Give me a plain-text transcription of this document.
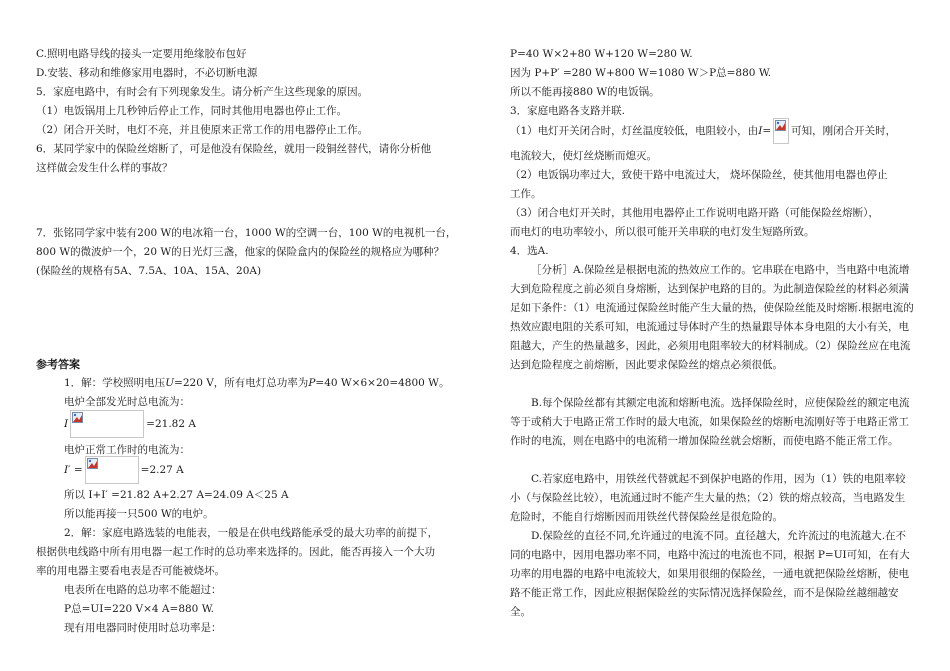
C.照明电路导线的接头一定要用绝缘胶布包好
D.安装、移动和维修家用电器时，不必切断电源
5．家庭电路中，有时会有下列现象发生。请分析产生这些现象的原因。
（1）电饭锅用上几秒钟后停止工作，同时其他用电器也停止工作。
（2）闭合开关时，电灯不亮，并且使原来正常工作的用电器停止工作。
6．某同学家中的保险丝熔断了，可是他没有保险丝，就用一段铜丝替代，请你分析他
这样做会发生什么样的事故？
7．张铭同学家中装有200 W的电冰箱一台，1000 W的空调一台，100 W的电视机一台，
800 W的微波炉一个，20 W的日光灯三盏，他家的保险盒内的保险丝的规格应为哪种？
(保险丝的规格有5A、7.5A、10A、15A、20A)
参考答案
1．解：学校照明电压U=220 V，所有电灯总功率为P=40 W×6×20=4800 W。
电炉全部发光时总电流为：
I	=21.82 A
电炉正常工作时的电流为：
I′ =	=2.27 A
所以 I+I′ =21.82 A+2.27 A=24.09 A＜25 A
所以能再接一只500 W的电炉。
2．解：家庭电路选装的电能表，一般是在供电线路能承受的最大功率的前提下，
根据供电线路中所有用电器一起工作时的总功率来选择的。因此，能否再接入一个大功
率的用电器主要看电表是否可能被烧坏。
电表所在电路的总功率不能超过：
P总=UI=220 V×4 A=880 W.
现有用电器同时使用时总功率是：
P=40 W×2+80 W+120 W=280 W.
因为 P+P′ =280 W+800 W=1080 W＞P总=880 W.
所以不能再接880 W的电饭锅。
3．家庭电路各支路并联.
（1）电灯开关闭合时，灯丝温度较低，电阻较小，由I= 可知，刚闭合开关时，
电流较大，使灯丝烧断而熄灭。
（2）电饭锅功率过大，致使干路中电流过大， 烧坏保险丝，使其他用电器也停止
工作。
（3）闭合电灯开关时，其他用电器停止工作说明电路开路（可能保险丝熔断），
而电灯的电功率较小，所以很可能开关串联的电灯发生短路所致。
4．选A.
［分析］A.保险丝是根据电流的热效应工作的。它串联在电路中，当电路中电流增大到危险程度之前必须自身熔断，达到保护电路的目的。为此制造保险丝的材料必须满足如下条件：（1）电流通过保险丝时能产生大量的热，使保险丝能及时熔断.根据电流的热效应跟电阻的关系可知，电流通过导体时产生的热量跟导体本身电阻的大小有关，电阻越大，产生的热量越多，因此，必须用电阻率较大的材料制成。（2）保险丝应在电流达到危险程度之前熔断，因此要求保险丝的熔点必须很低。
B.每个保险丝都有其额定电流和熔断电流。选择保险丝时，应使保险丝的额定电流等于或稍大于电路正常工作时的最大电流，如果保险丝的熔断电流刚好等于电路正常工作时的电流，则在电路中的电流稍一增加保险丝就会熔断，而使电路不能正常工作。
C.若家庭电路中，用铁丝代替就起不到保护电路的作用，因为（1）铁的电阻率较小（与保险丝比较），电流通过时不能产生大量的热；（2）铁的熔点较高，当电路发生危险时，不能自行熔断因而用铁丝代替保险丝是很危险的。
D.保险丝的直径不同,允许通过的电流不同。直径越大，允许流过的电流越大.在不同的电路中，因用电器功率不同，电路中流过的电流也不同，根据 P=UI可知，在有大功率的用电器的电路中电流较大，如果用很细的保险丝，一通电就把保险丝熔断，使电路不能正常工作，因此应根据保险丝的实际情况选择保险丝，而不是保险丝越细越安全。
